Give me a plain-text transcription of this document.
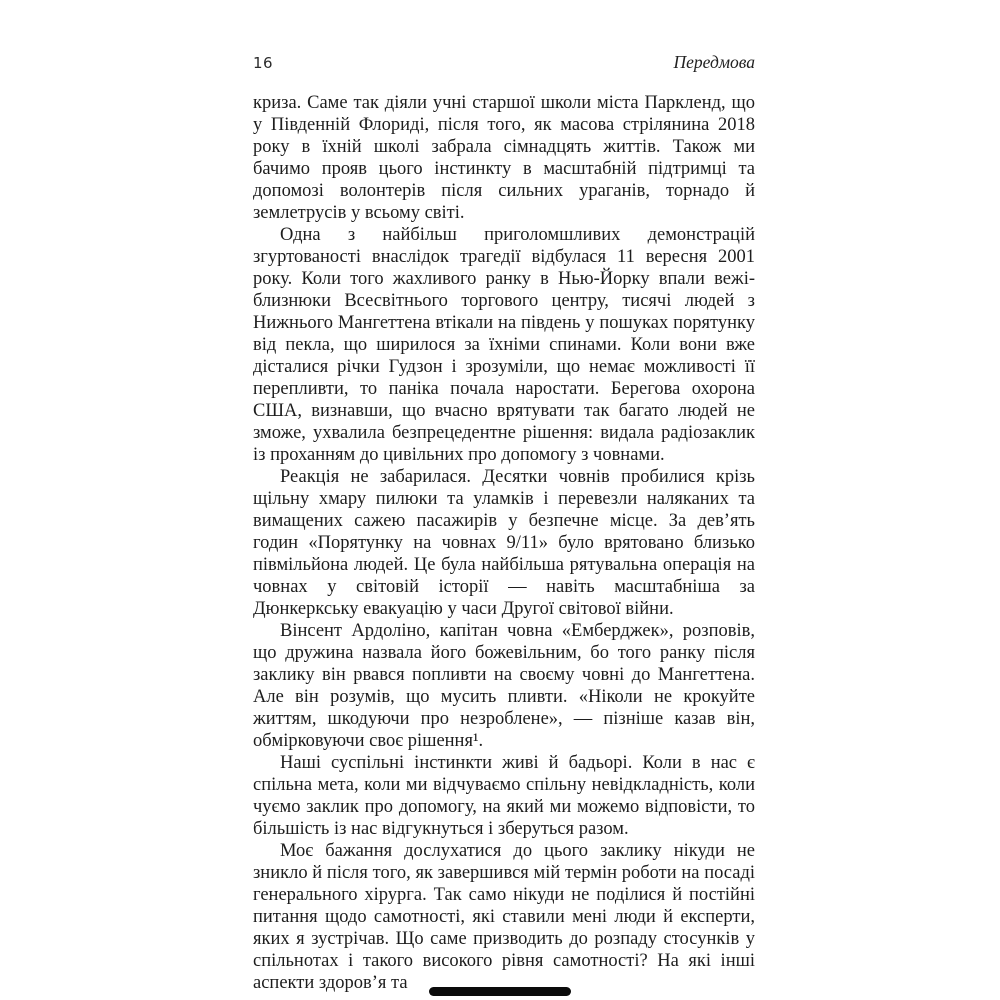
16	Передмова

криза. Саме так діяли учні старшої школи міста Паркленд, що у Південній Флориді, після того, як масова стрілянина 2018 року в їхній школі забрала сімнадцять життів. Також ми бачимо прояв цього інстинкту в масштабній підтримці та допомозі волонтерів після сильних ураганів, торнадо й землетрусів у всьому світі.

Одна з найбільш приголомшливих демонстрацій згуртованості внаслідок трагедії відбулася 11 вересня 2001 року. Коли того жахливого ранку в Нью-Йорку впали вежі-близнюки Всесвітнього торгового центру, тисячі людей з Нижнього Мангеттена втікали на південь у пошуках порятунку від пекла, що ширилося за їхніми спинами. Коли вони вже дісталися річки Гудзон і зрозуміли, що немає можливості її перепливти, то паніка почала наростати. Берегова охорона США, визнавши, що вчасно врятувати так багато людей не зможе, ухвалила безпрецедентне рішення: видала радіозаклик із проханням до цивільних про допомогу з човнами.

Реакція не забарилася. Десятки човнів пробилися крізь щільну хмару пилюки та уламків і перевезли наляканих та вимащених сажею пасажирів у безпечне місце. За дев’ять годин «Порятунку на човнах 9/11» було врятовано близько півмільйона людей. Це була найбільша рятувальна операція на човнах у світовій історії — навіть масштабніша за Дюнкеркську евакуацію у часи Другої світової війни.

Вінсент Ардоліно, капітан човна «Емберджек», розповів, що дружина назвала його божевільним, бо того ранку після заклику він рвався попливти на своєму човні до Мангеттена. Але він розумів, що мусить пливти. «Ніколи не крокуйте життям, шкодуючи про незроблене», — пізніше казав він, обмірковуючи своє рішення¹.

Наші суспільні інстинкти живі й бадьорі. Коли в нас є спільна мета, коли ми відчуваємо спільну невідкладність, коли чуємо заклик про допомогу, на який ми можемо відповісти, то більшість із нас відгукнуться і зберуться разом.

Моє бажання дослухатися до цього заклику нікуди не зникло й після того, як завершився мій термін роботи на посаді генерального хірурга. Так само нікуди не поділися й постійні питання щодо самотності, які ставили мені люди й експерти, яких я зустрічав. Що саме призводить до розпаду стосунків у спільнотах і такого високого рівня самотності? На які інші аспекти здоров’я та
